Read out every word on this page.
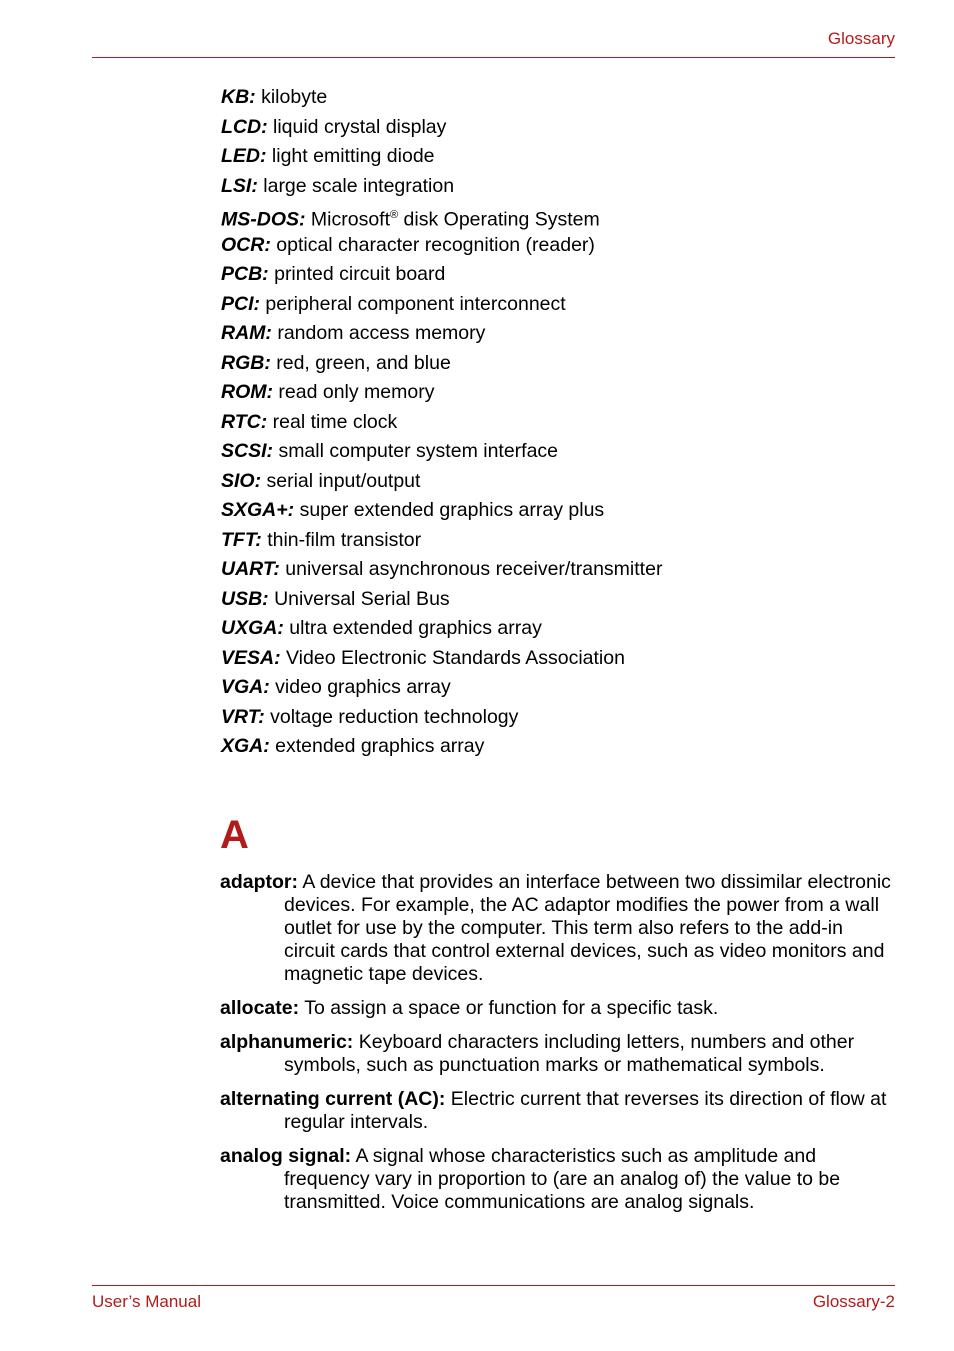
Glossary
KB: kilobyte
LCD: liquid crystal display
LED: light emitting diode
LSI: large scale integration
MS-DOS: Microsoft® disk Operating System
OCR: optical character recognition (reader)
PCB: printed circuit board
PCI: peripheral component interconnect
RAM: random access memory
RGB: red, green, and blue
ROM: read only memory
RTC: real time clock
SCSI: small computer system interface
SIO: serial input/output
SXGA+: super extended graphics array plus
TFT: thin-film transistor
UART: universal asynchronous receiver/transmitter
USB: Universal Serial Bus
UXGA: ultra extended graphics array
VESA: Video Electronic Standards Association
VGA: video graphics array
VRT: voltage reduction technology
XGA: extended graphics array
A
adaptor: A device that provides an interface between two dissimilar electronic devices. For example, the AC adaptor modifies the power from a wall outlet for use by the computer. This term also refers to the add-in circuit cards that control external devices, such as video monitors and magnetic tape devices.
allocate: To assign a space or function for a specific task.
alphanumeric: Keyboard characters including letters, numbers and other symbols, such as punctuation marks or mathematical symbols.
alternating current (AC): Electric current that reverses its direction of flow at regular intervals.
analog signal: A signal whose characteristics such as amplitude and frequency vary in proportion to (are an analog of) the value to be transmitted. Voice communications are analog signals.
User’s Manual	Glossary-2
